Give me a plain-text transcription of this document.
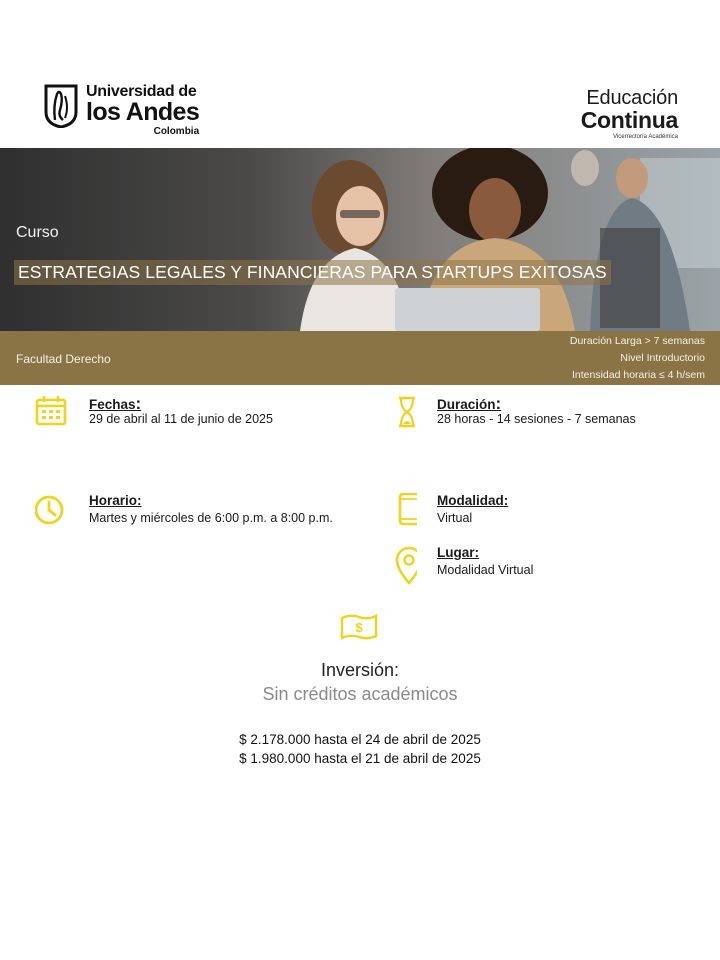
Universidad de
los Andes
Colombia
Educación
Continua
Vicerrectoría Académica
Curso
ESTRATEGIAS LEGALES Y FINANCIERAS PARA STARTUPS EXITOSAS
Facultad Derecho
Duración Larga > 7 semanas
Nivel Introductorio
Intensidad horaria ≤ 4 h/sem
Fechas:
29 de abril al 11 de junio de 2025
Duración:
28 horas - 14 sesiones - 7 semanas
Horario:
Martes y miércoles de 6:00 p.m. a 8:00 p.m.
Modalidad:
Virtual
Lugar:
Modalidad Virtual
$
Inversión:
Sin créditos académicos
$ 2.178.000 hasta el 24 de abril de 2025
$ 1.980.000 hasta el 21 de abril de 2025
